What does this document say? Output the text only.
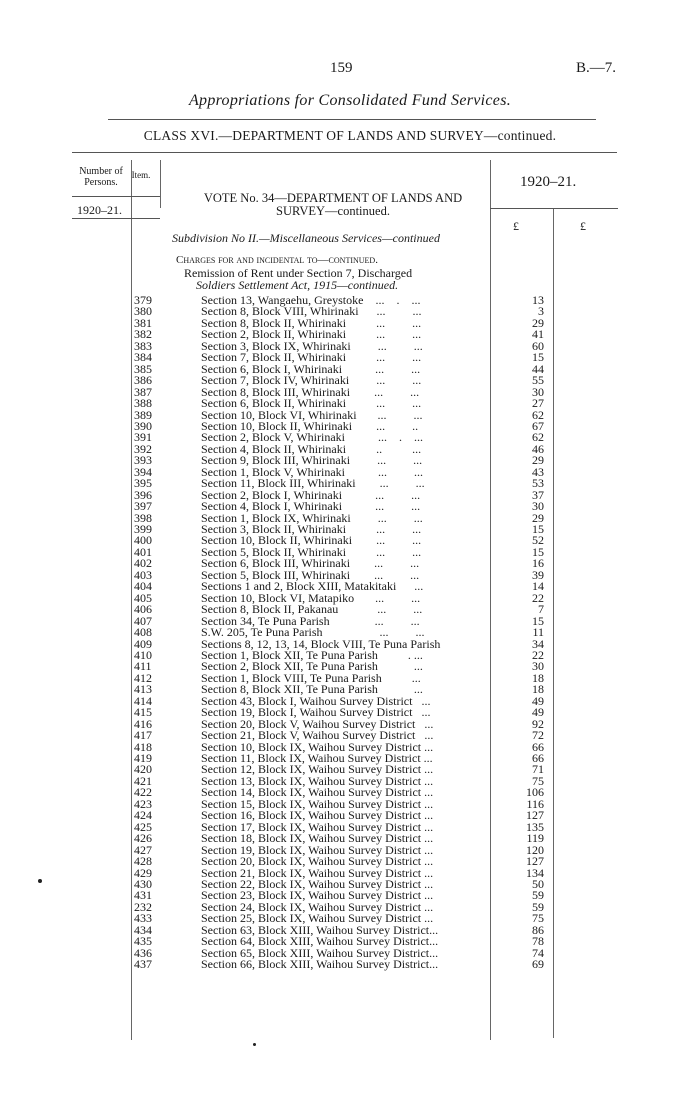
159	B.—7.
Appropriations for Consolidated Fund Services.
CLASS XVI.—DEPARTMENT OF LANDS AND SURVEY—continued.
Number of Persons.
Item.
1920–21.
1920–21.
£	£
VOTE No. 34—DEPARTMENT OF LANDS AND
SURVEY—continued.
Subdivision No II.—Miscellaneous Services—continued
Charges for and incidental to—continued.
Remission of Rent under Section 7, Discharged
Soldiers Settlement Act, 1915—continued.
379	Section 13, Wangaehu, Greystoke    ...    .    ...	13
380	Section 8, Block VIII, Whirinaki      ...         ...	3
381	Section 8, Block II, Whirinaki          ...         ...	29
382	Section 2, Block II, Whirinaki          ...         ...	41
383	Section 3, Block IX, Whirinaki         ...         ...	60
384	Section 7, Block II, Whirinaki          ...         ...	15
385	Section 6, Block I, Whirinaki           ...         ...	44
386	Section 7, Block IV, Whirinaki         ...         ...	55
387	Section 8, Block III, Whirinaki        ...         ...	30
388	Section 6, Block II, Whirinaki          ...         ...	27
389	Section 10, Block VI, Whirinaki       ...         ...	62
390	Section 10, Block II, Whirinaki        ...         ..	67
391	Section 2, Block V, Whirinaki           ...    .    ...	62
392	Section 4, Block II, Whirinaki          ..          ...	46
393	Section 9, Block III, Whirinaki         ...         ...	29
394	Section 1, Block V, Whirinaki           ...         ...	43
395	Section 11, Block III, Whirinaki        ...         ...	53
396	Section 2, Block I, Whirinaki           ...         ...	37
397	Section 4, Block I, Whirinaki           ...         ...	30
398	Section 1, Block IX, Whirinaki         ...         ...	29
399	Section 3, Block II, Whirinaki          ...         ...	15
400	Section 10, Block II, Whirinaki        ...         ...	52
401	Section 5, Block II, Whirinaki          ...         ...	15
402	Section 6, Block III, Whirinaki        ...         ...	16
403	Section 5, Block III, Whirinaki        ...         ...	39
404	Sections 1 and 2, Block XIII, Matakitaki      ...	14
405	Section 10, Block VI, Matapiko       ...         ...	22
406	Section 8, Block II, Pakanau             ...         ...	7
407	Section 34, Te Puna Parish               ...         ...	15
408	S.W. 205, Te Puna Parish                   ...         ...	11
409	Sections 8, 12, 13, 14, Block VIII, Te Puna Parish	34
410	Section 1, Block XII, Te Puna Parish          . ...	22
411	Section 2, Block XII, Te Puna Parish            ...	30
412	Section 1, Block VIII, Te Puna Parish          ...	18
413	Section 8, Block XII, Te Puna Parish            ...	18
414	Section 43, Block I, Waihou Survey District   ...	49
415	Section 19, Block I, Waihou Survey District   ...	49
416	Section 20, Block V, Waihou Survey District   ...	92
417	Section 21, Block V, Waihou Survey District   ...	72
418	Section 10, Block IX, Waihou Survey District ...	66
419	Section 11, Block IX, Waihou Survey District ...	66
420	Section 12, Block IX, Waihou Survey District ...	71
421	Section 13, Block IX, Waihou Survey District ...	75
422	Section 14, Block IX, Waihou Survey District ...	106
423	Section 15, Block IX, Waihou Survey District ...	116
424	Section 16, Block IX, Waihou Survey District ...	127
425	Section 17, Block IX, Waihou Survey District ...	135
426	Section 18, Block IX, Waihou Survey District ...	119
427	Section 19, Block IX, Waihou Survey District ...	120
428	Section 20, Block IX, Waihou Survey District ...	127
429	Section 21, Block IX, Waihou Survey District ...	134
430	Section 22, Block IX, Waihou Survey District ...	50
431	Section 23, Block IX, Waihou Survey District ...	59
232	Section 24, Block IX, Waihou Survey District ...	59
433	Section 25, Block IX, Waihou Survey District ...	75
434	Section 63, Block XIII, Waihou Survey District...	86
435	Section 64, Block XIII, Waihou Survey District...	78
436	Section 65, Block XIII, Waihou Survey District...	74
437	Section 66, Block XIII, Waihou Survey District...	69
